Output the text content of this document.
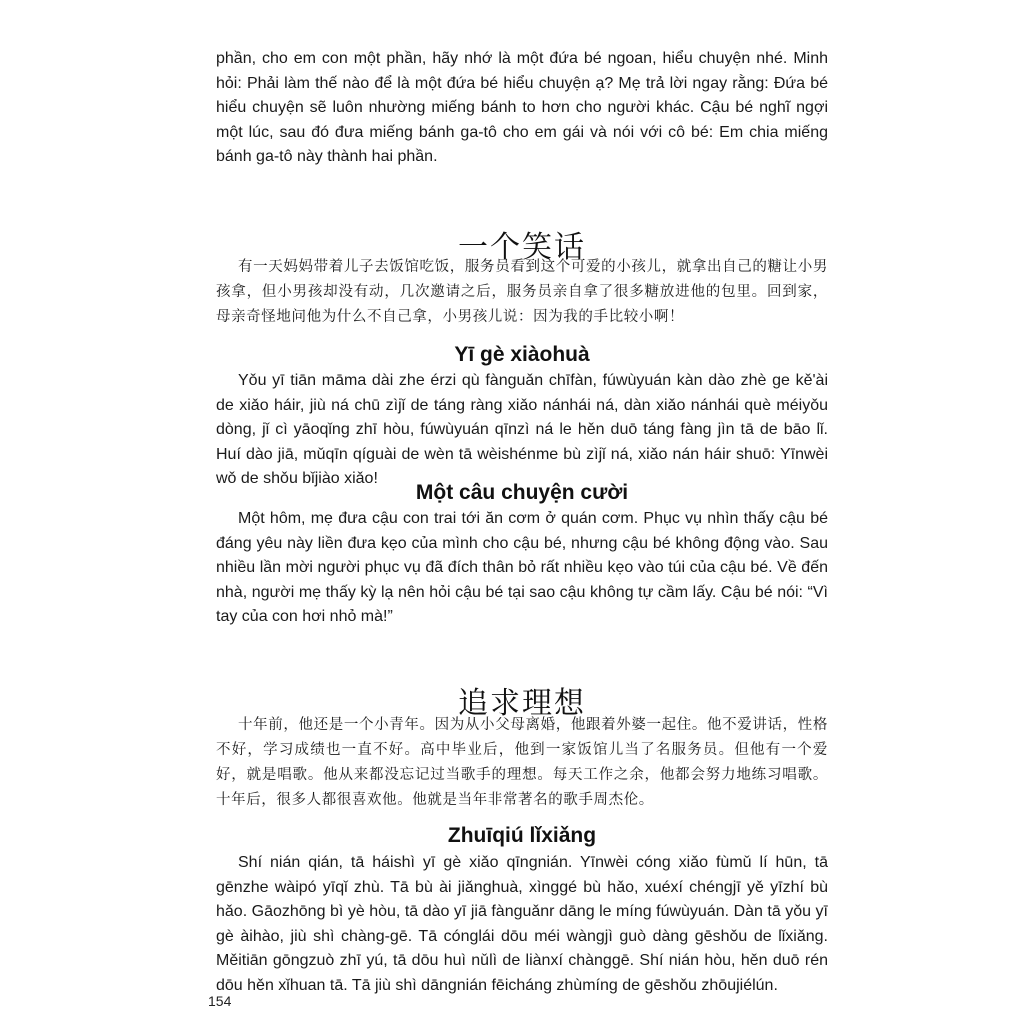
phần, cho em con một phần, hãy nhớ là một đứa bé ngoan, hiểu chuyện nhé. Minh hỏi: Phải làm thế nào để là một đứa bé hiểu chuyện ạ? Mẹ trả lời ngay rằng: Đứa bé hiểu chuyện sẽ luôn nhường miếng bánh to hơn cho người khác. Cậu bé nghĩ ngợi một lúc, sau đó đưa miếng bánh ga-tô cho em gái và nói với cô bé: Em chia miếng bánh ga-tô này thành hai phần.

一个笑话

有一天妈妈带着儿子去饭馆吃饭，服务员看到这个可爱的小孩儿，就拿出自己的糖让小男孩拿，但小男孩却没有动，几次邀请之后，服务员亲自拿了很多糖放进他的包里。回到家，母亲奇怪地问他为什么不自己拿，小男孩儿说：因为我的手比较小啊！

Yī gè xiàohuà

Yǒu yī tiān māma dài zhe érzi qù fànguǎn chīfàn, fúwùyuán kàn dào zhè ge kě'ài de xiǎo háir, jiù ná chū zìjǐ de táng ràng xiǎo nánhái ná, dàn xiǎo nánhái què méiyǒu dòng, jǐ cì yāoqǐng zhī hòu, fúwùyuán qīnzì ná le hěn duō táng fàng jìn tā de bāo lǐ. Huí dào jiā, mǔqīn qíguài de wèn tā wèishénme bù zìjǐ ná, xiǎo nán háir shuō: Yīnwèi wǒ de shǒu bǐjiào xiǎo!

Một câu chuyện cười

Một hôm, mẹ đưa cậu con trai tới ăn cơm ở quán cơm. Phục vụ nhìn thấy cậu bé đáng yêu này liền đưa kẹo của mình cho cậu bé, nhưng cậu bé không động vào. Sau nhiều lần mời người phục vụ đã đích thân bỏ rất nhiều kẹo vào túi của cậu bé. Về đến nhà, người mẹ thấy kỳ lạ nên hỏi cậu bé tại sao cậu không tự cầm lấy. Cậu bé nói: “Vì tay của con hơi nhỏ mà!”

追求理想

十年前，他还是一个小青年。因为从小父母离婚，他跟着外婆一起住。他不爱讲话，性格不好，学习成绩也一直不好。高中毕业后，他到一家饭馆儿当了名服务员。但他有一个爱好，就是唱歌。他从来都没忘记过当歌手的理想。每天工作之余，他都会努力地练习唱歌。十年后，很多人都很喜欢他。他就是当年非常著名的歌手周杰伦。

Zhuīqiú lǐxiǎng

Shí nián qián, tā háishì yī gè xiǎo qīngnián. Yīnwèi cóng xiǎo fùmǔ lí hūn, tā gēnzhe wàipó yīqǐ zhù. Tā bù ài jiǎnghuà, xìnggé bù hǎo, xuéxí chéngjī yě yīzhí bù hǎo. Gāozhōng bì yè hòu, tā dào yī jiā fànguǎnr dāng le míng fúwùyuán. Dàn tā yǒu yī gè àihào, jiù shì chàng-gē. Tā cónglái dōu méi wàngjì guò dàng gēshǒu de lǐxiǎng. Měitiān gōngzuò zhī yú, tā dōu huì nǔlì de liànxí chànggē. Shí nián hòu, hěn duō rén dōu hěn xǐhuan tā. Tā jiù shì dāngnián fēicháng zhùmíng de gēshǒu zhōujiélún.

154
